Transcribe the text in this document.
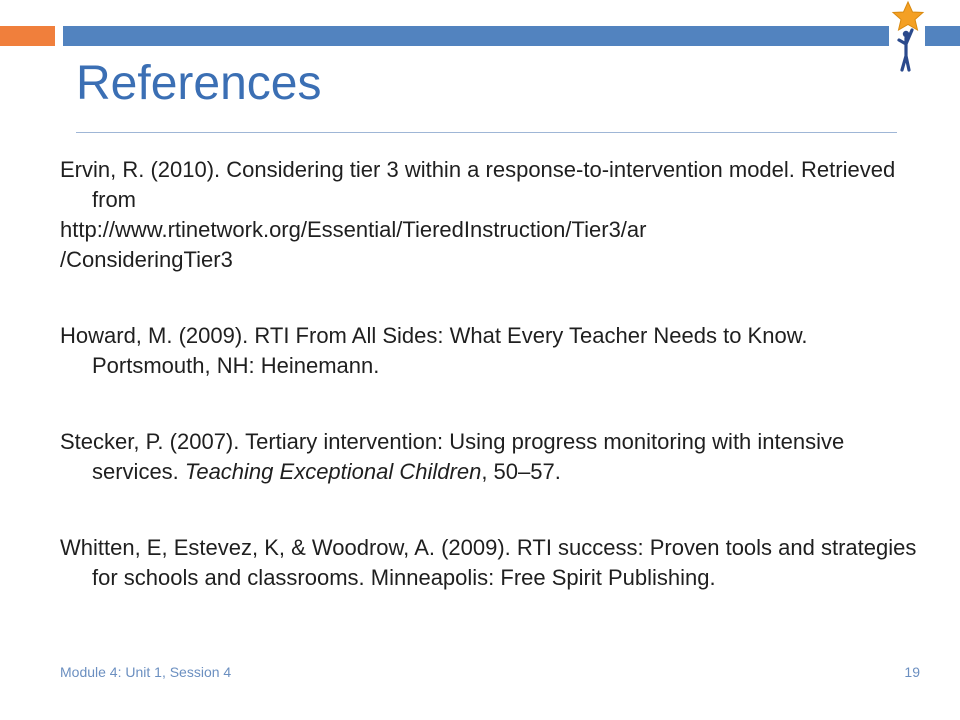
References

Ervin, R. (2010). Considering tier 3 within a response-to-intervention model. Retrieved from
http://www.rtinetwork.org/Essential/TieredInstruction/Tier3/ar
/ConsideringTier3

Howard, M. (2009). RTI From All Sides: What Every Teacher Needs to Know. Portsmouth, NH: Heinemann.

Stecker, P. (2007). Tertiary intervention: Using progress monitoring with intensive services. Teaching Exceptional Children, 50–57.

Whitten, E, Estevez, K, & Woodrow, A. (2009). RTI success: Proven tools and strategies for schools and classrooms. Minneapolis: Free Spirit Publishing.

Module 4: Unit 1, Session 4	19
